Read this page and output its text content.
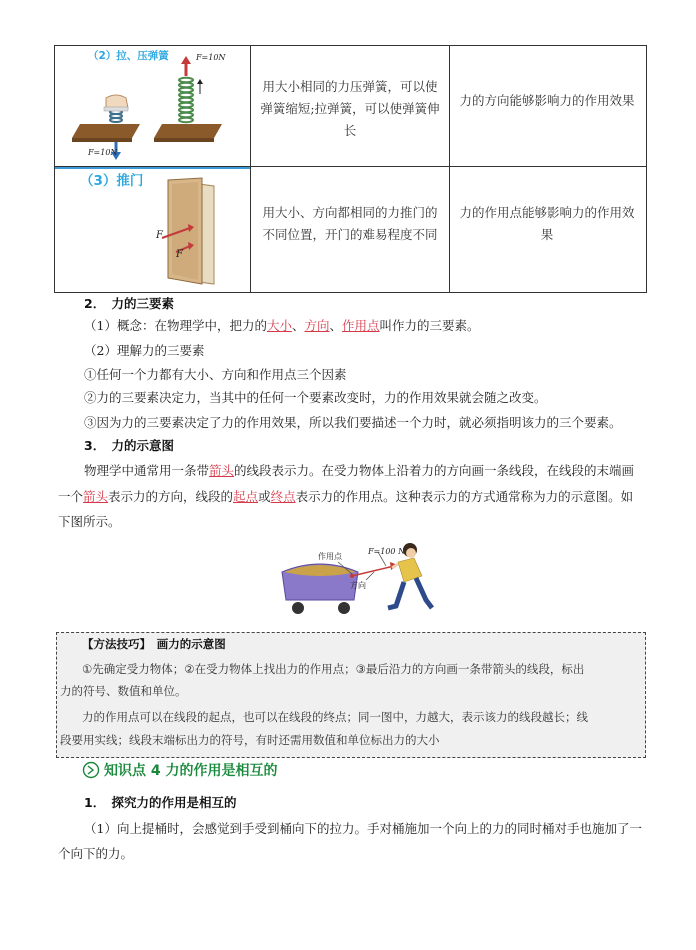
（2）拉、压弹簧	F=10N
F=10N
用大小相同的力压弹簧，可以使弹簧缩短;拉弹簧，可以使弹簧伸长
力的方向能够影响力的作用效果
（3）推门
F
F
用大小、方向都相同的力推门的不同位置，开门的难易程度不同
力的作用点能够影响力的作用效果
2．　力的三要素
（1）概念：在物理学中，把力的大小、方向、作用点叫作力的三要素。
（2）理解力的三要素
①任何一个力都有大小、方向和作用点三个因素
②力的三要素决定力，当其中的任何一个要素改变时，力的作用效果就会随之改变。
③因为力的三要素决定了力的作用效果，所以我们要描述一个力时，就必须指明该力的三个要素。
3．　力的示意图
物理学中通常用一条带箭头的线段表示力。在受力物体上沿着力的方向画一条线段，在线段的末端画
一个箭头表示力的方向，线段的起点或终点表示力的作用点。这种表示力的方式通常称为力的示意图。如
下图所示。
作用点
F=100 N
方向
【方法技巧】　画力的示意图
①先确定受力物体；②在受力物体上找出力的作用点；③最后沿力的方向画一条带箭头的线段，标出
力的符号、数值和单位。
力的作用点可以在线段的起点，也可以在线段的终点；同一图中，力越大，表示该力的线段越长；线
段要用实线；线段末端标出力的符号，有时还需用数值和单位标出力的大小
知识点 4 力的作用是相互的
1．　探究力的作用是相互的
（1）向上提桶时，会感觉到手受到桶向下的拉力。手对桶施加一个向上的力的同时桶对手也施加了一
个向下的力。
